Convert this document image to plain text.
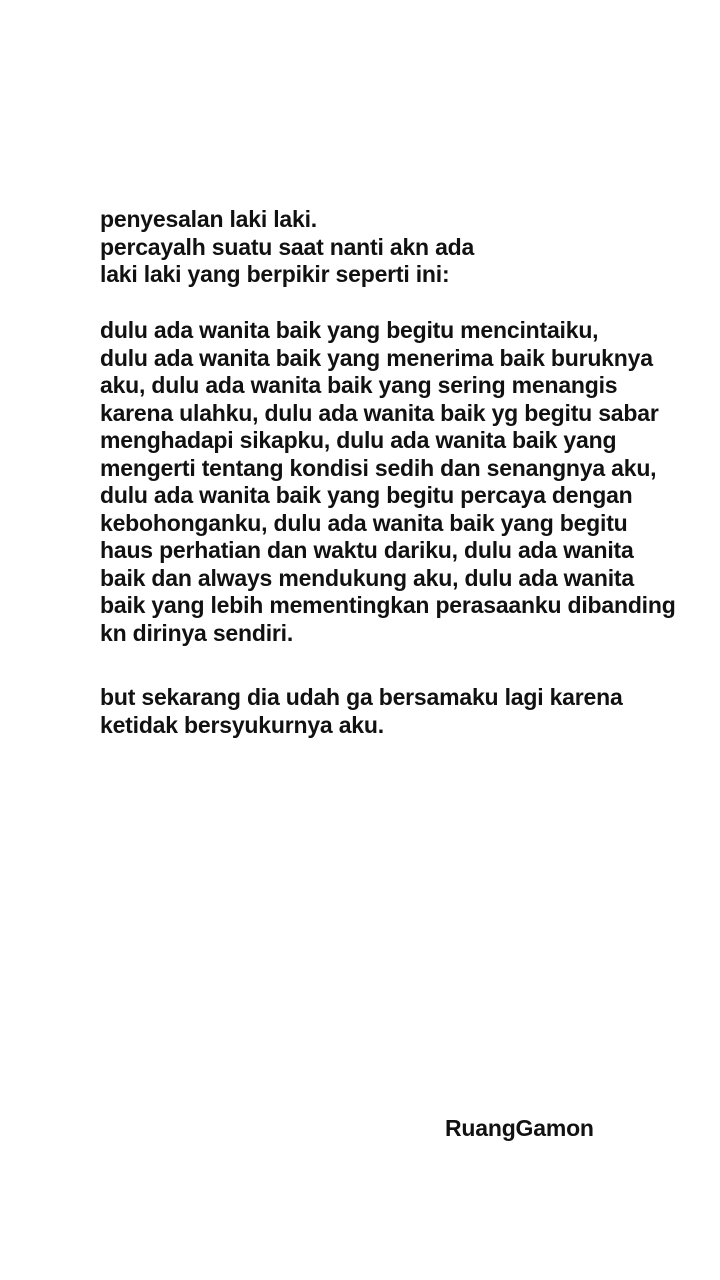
penyesalan laki laki.
percayalh suatu saat nanti akn ada
laki laki yang berpikir seperti ini:
dulu ada wanita baik yang begitu mencintaiku,
dulu ada wanita baik yang menerima baik buruknya
aku, dulu ada wanita baik yang sering menangis
karena ulahku, dulu ada wanita baik yg begitu sabar
menghadapi sikapku, dulu ada wanita baik yang
mengerti tentang kondisi sedih dan senangnya aku,
dulu ada wanita baik yang begitu percaya dengan
kebohonganku, dulu ada wanita baik yang begitu
haus perhatian dan waktu dariku, dulu ada wanita
baik dan always mendukung aku, dulu ada wanita
baik yang lebih mementingkan perasaanku dibanding
kn dirinya sendiri.
but sekarang dia udah ga bersamaku lagi karena
ketidak bersyukurnya aku.
RuangGamon
